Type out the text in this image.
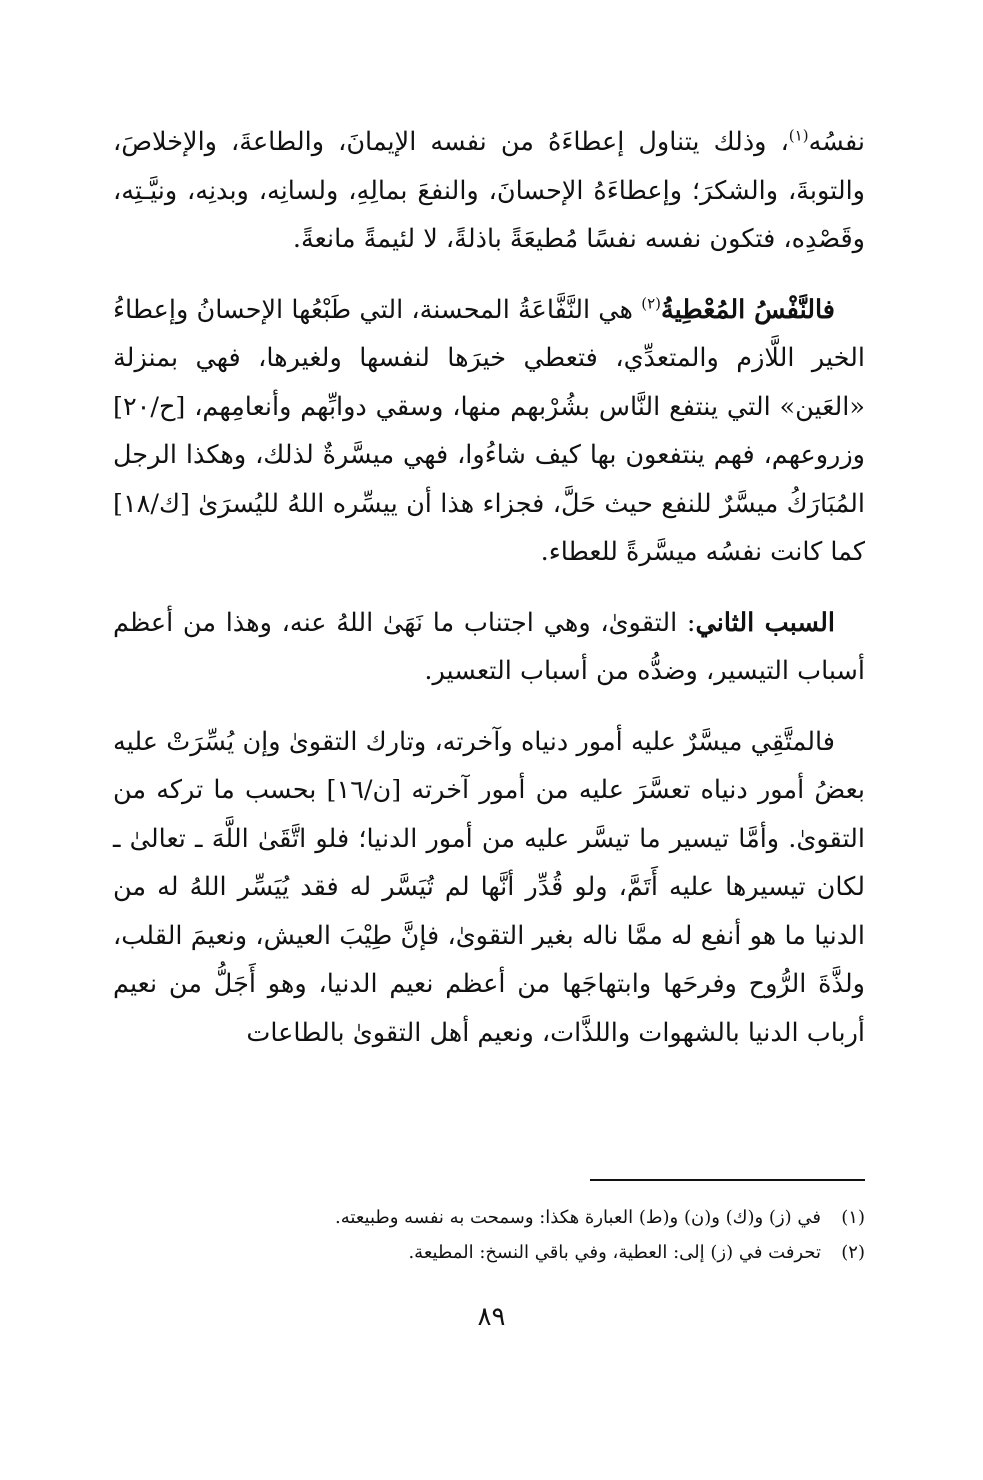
نفسُه$^{(١)}$، وذلك يتناول إعطاءَهُ من نفسه الإيمانَ، والطاعةَ، والإخلاصَ، والتوبةَ، والشكرَ؛ وإعطاءَهُ الإحسانَ، والنفعَ بمالِهِ، ولسانِه، وبدنِه، ونيَّـتِه، وقَصْدِه، فتكون نفسه نفسًا مُطيعَةً باذلةً، لا لئيمةً مانعةً.

فالنَّفْسُ المُعْطِيةُ$^{(٢)}$ هي النَّفَّاعَةُ المحسنة، التي طَبْعُها الإحسانُ وإعطاءُ الخير اللَّازم والمتعدِّي، فتعطي خيرَها لنفسها ولغيرها، فهي بمنزلة «العَين» التي ينتفع النَّاس بشُرْبهم منها، وسقي دوابِّهم وأنعامِهم، [ح/٢٠] وزروعهم، فهم ينتفعون بها كيف شاءُوا، فهي ميسَّرةٌ لذلك، وهكذا الرجل المُبَارَكُ ميسَّرٌ للنفع حيث حَلَّ، فجزاء هذا أن ييسِّره اللهُ لليُسرَىٰ [ك/١٨] كما كانت نفسُه ميسَّرةً للعطاء.

السبب الثاني: التقوىٰ، وهي اجتناب ما نَهَىٰ اللهُ عنه، وهذا من أعظم أسباب التيسير، وضدُّه من أسباب التعسير.

فالمتَّقِي ميسَّرٌ عليه أمور دنياه وآخرته، وتارك التقوىٰ وإن يُسِّرَتْ عليه بعضُ أمور دنياه تعسَّرَ عليه من أمور آخرته [ن/١٦] بحسب ما تركه من التقوىٰ. وأمَّا تيسير ما تيسَّر عليه من أمور الدنيا؛ فلو اتَّقَىٰ اللَّهَ ـ تعالىٰ ـ لكان تيسيرها عليه أَتَمَّ، ولو قُدِّر أنَّها لم تُيَسَّر له فقد يُيَسِّر اللهُ له من الدنيا ما هو أنفع له ممَّا ناله بغير التقوىٰ، فإنَّ طِيْبَ العيش، ونعيمَ القلب، ولذَّةَ الرُّوح وفرحَها وابتهاجَها من أعظم نعيم الدنيا، وهو أَجَلُّ من نعيم أرباب الدنيا بالشهوات واللذَّات، ونعيم أهل التقوىٰ بالطاعات

(١)في (ز) و(ك) و(ن) و(ط) العبارة هكذا: وسمحت به نفسه وطبيعته.

(٢)تحرفت في (ز) إلى: العطية، وفي باقي النسخ: المطيعة.

٨٩
